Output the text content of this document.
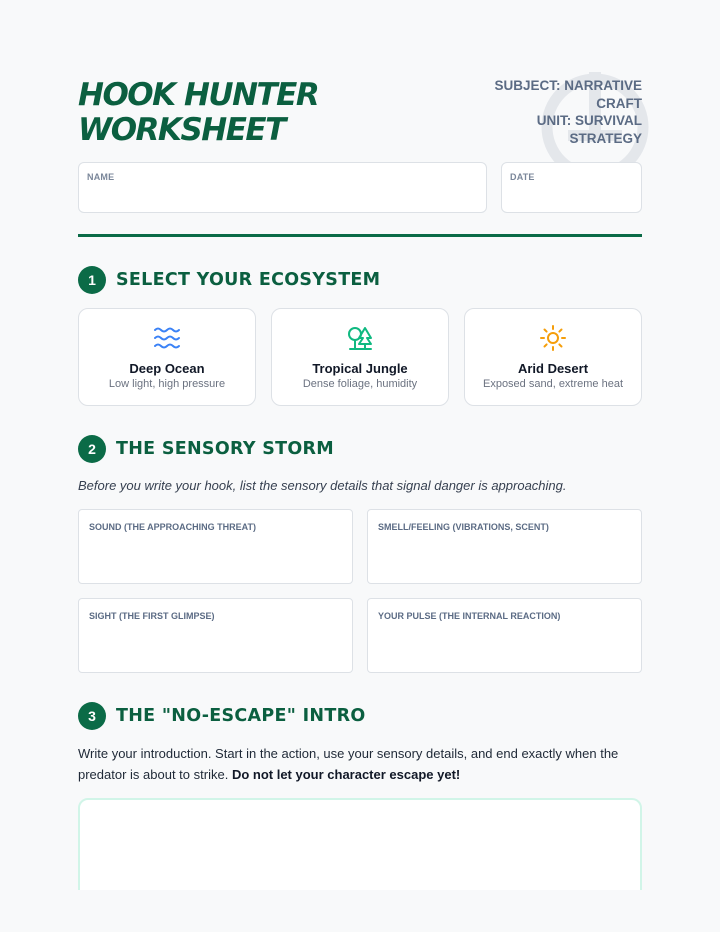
HOOK HUNTER
WORKSHEET
SUBJECT: NARRATIVE
CRAFT
UNIT: SURVIVAL
STRATEGY
NAME	DATE
1	SELECT YOUR ECOSYSTEM
Deep Ocean
Low light, high pressure
Tropical Jungle
Dense foliage, humidity
Arid Desert
Exposed sand, extreme heat
2	THE SENSORY STORM
Before you write your hook, list the sensory details that signal danger is approaching.
SOUND (THE APPROACHING THREAT)	SMELL/FEELING (VIBRATIONS, SCENT)
SIGHT (THE FIRST GLIMPSE)	YOUR PULSE (THE INTERNAL REACTION)
3	THE "NO-ESCAPE" INTRO
Write your introduction. Start in the action, use your sensory details, and end exactly when the predator is about to strike. Do not let your character escape yet!
